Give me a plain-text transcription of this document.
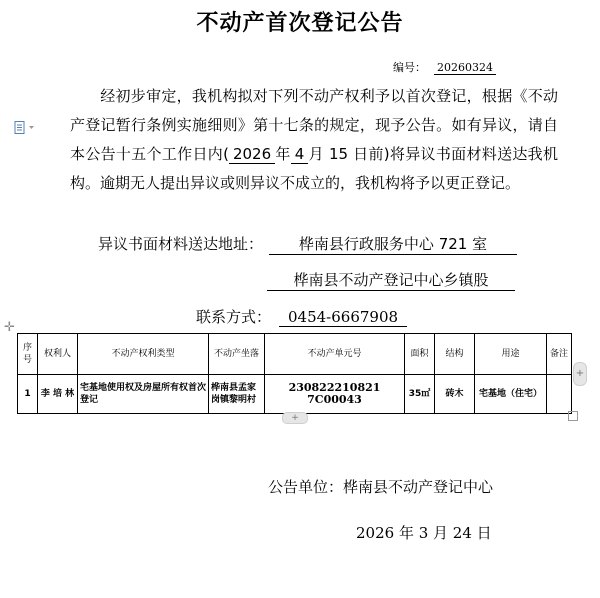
不动产首次登记公告
编号： 20260324
经初步审定，我机构拟对下列不动产权利予以首次登记，根据《不动产登记暂行条例实施细则》第十七条的规定，现予公告。如有异议，请自本公告十五个工作日内( 2026 年 4 月 15 日前)将异议书面材料送达我机构。逾期无人提出异议或则异议不成立的，我机构将予以更正登记。
异议书面材料送达地址： 桦南县行政服务中心 721 室
桦南县不动产登记中心乡镇股
联系方式： 0454-6667908
✛
序号	权利人	不动产权利类型	不动产坐落	不动产单元号	面积	结构	用途	备注
1	李 培 林	宅基地使用权及房屋所有权首次登记	桦南县孟家岗镇黎明村	230822210821 7C00043	35㎡	砖木	宅基地（住宅）	
+
+
公告单位：桦南县不动产登记中心
2026 年 3 月 24 日
